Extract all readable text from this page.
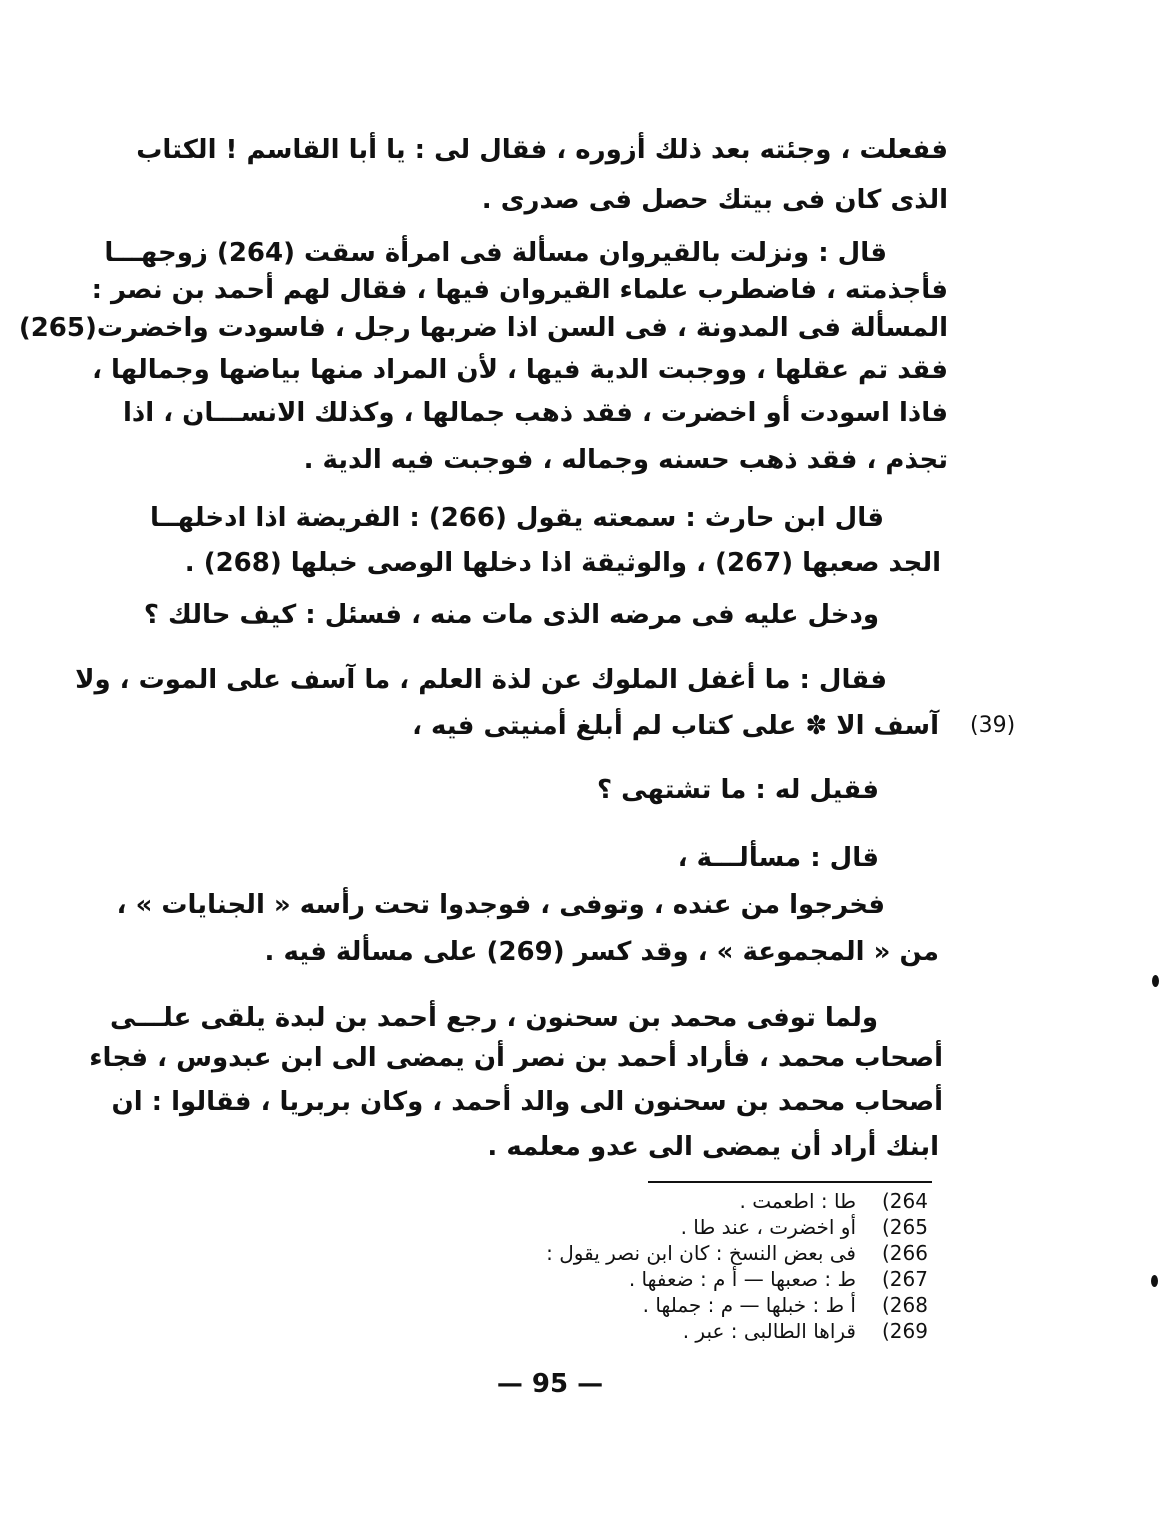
ففعلت ، وجئته بعد ذلك أزوره ، فقال لى : يا أبا القاسم ! الكتاب
الذى كان فى بيتك حصل فى صدرى .
قال : ونزلت بالقيروان مسألة فى امرأة سقت (264) زوجهـــا
فأجذمته ، فاضطرب علماء القيروان فيها ، فقال لهم أحمد بن نصر :
المسألة فى المدونة ، فى السن اذا ضربها رجل ، فاسودت واخضرت(265)
فقد تم عقلها ، ووجبت الدية فيها ، لأن المراد منها بياضها وجمالها ،
فاذا اسودت أو اخضرت ، فقد ذهب جمالها ، وكذلك الانســـان ، اذا
تجذم ، فقد ذهب حسنه وجماله ، فوجبت فيه الدية .
قال ابن حارث : سمعته يقول (266) : الفريضة اذا ادخلهــا
الجد صعبها (267) ، والوثيقة اذا دخلها الوصى خبلها (268) .
ودخل عليه فى مرضه الذى مات منه ، فسئل : كيف حالك ؟
فقال : ما أغفل الملوك عن لذة العلم ، ما آسف على الموت ، ولا
آسف الا ✽ على كتاب لم أبلغ أمنيتى فيه ، (39)
فقيل له : ما تشتهى ؟
قال : مسألـــة ،
فخرجوا من عنده ، وتوفى ، فوجدوا تحت رأسه « الجنايات » ،
من « المجموعة » ، وقد كسر (269) على مسألة فيه .
ولما توفى محمد بن سحنون ، رجع أحمد بن لبدة يلقى علـــى
أصحاب محمد ، فأراد أحمد بن نصر أن يمضى الى ابن عبدوس ، فجاء
أصحاب محمد بن سحنون الى والد أحمد ، وكان بربريا ، فقالوا : ان
ابنك أراد أن يمضى الى عدو معلمه .
طا : اطعمت . (264
أو اخضرت ، عند طا . (265
فى بعض النسخ : كان ابن نصر يقول : (266
ط : صعبها — أ م : ضعفها . (267
أ ط : خبلها — م : جملها . (268
قراها الطالبى : عبر . (269
— 95 —
